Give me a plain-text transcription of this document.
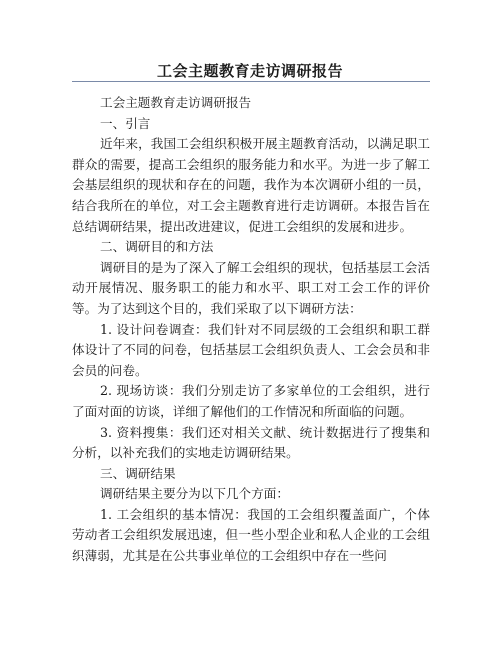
工会主题教育走访调研报告

工会主题教育走访调研报告

一、引言

近年来，我国工会组织积极开展主题教育活动，以满足职工群众的需要，提高工会组织的服务能力和水平。为进一步了解工会基层组织的现状和存在的问题，我作为本次调研小组的一员，结合我所在的单位，对工会主题教育进行走访调研。本报告旨在总结调研结果，提出改进建议，促进工会组织的发展和进步。

二、调研目的和方法

调研目的是为了深入了解工会组织的现状，包括基层工会活动开展情况、服务职工的能力和水平、职工对工会工作的评价等。为了达到这个目的，我们采取了以下调研方法：

1. 设计问卷调查：我们针对不同层级的工会组织和职工群体设计了不同的问卷，包括基层工会组织负责人、工会会员和非会员的问卷。

2. 现场访谈：我们分别走访了多家单位的工会组织，进行了面对面的访谈，详细了解他们的工作情况和所面临的问题。

3. 资料搜集：我们还对相关文献、统计数据进行了搜集和分析，以补充我们的实地走访调研结果。

三、调研结果

调研结果主要分为以下几个方面：

1. 工会组织的基本情况：我国的工会组织覆盖面广，个体劳动者工会组织发展迅速，但一些小型企业和私人企业的工会组织薄弱，尤其是在公共事业单位的工会组织中存在一些问
